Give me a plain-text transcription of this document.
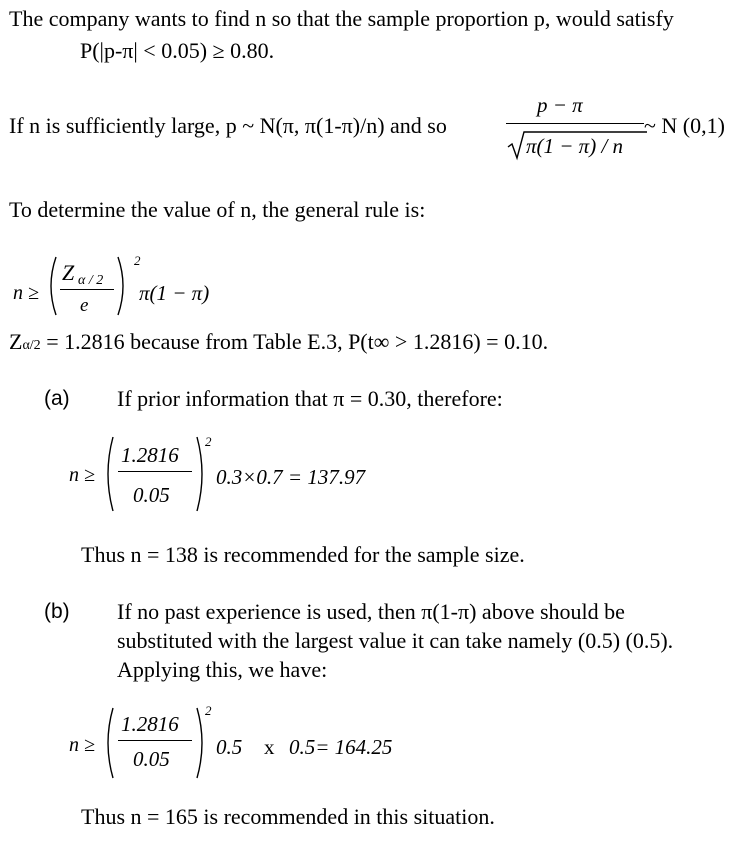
The company wants to find n so that the sample proportion p, would satisfy
P(|p-π| < 0.05) ≥ 0.80.
If n is sufficiently large, p ~ N(π, π(1-π)/n) and so
p − π
π(1 − π) / n
~ N (0,1)
To determine the value of n, the general rule is:
n ≥
Z α / 2
e
2
π(1 − π)
Zα/2 = 1.2816 because from Table E.3, P(t∞ > 1.2816) = 0.10.
(a) If prior information that π = 0.30, therefore:
n ≥
1.2816
0.05
2
0.3×0.7 = 137.97
Thus n = 138 is recommended for the sample size.
(b) If no past experience is used, then π(1-π) above should be
substituted with the largest value it can take namely (0.5) (0.5).
Applying this, we have:
n ≥
1.2816
0.05
2
0.5 x 0.5= 164.25
Thus n = 165 is recommended in this situation.
